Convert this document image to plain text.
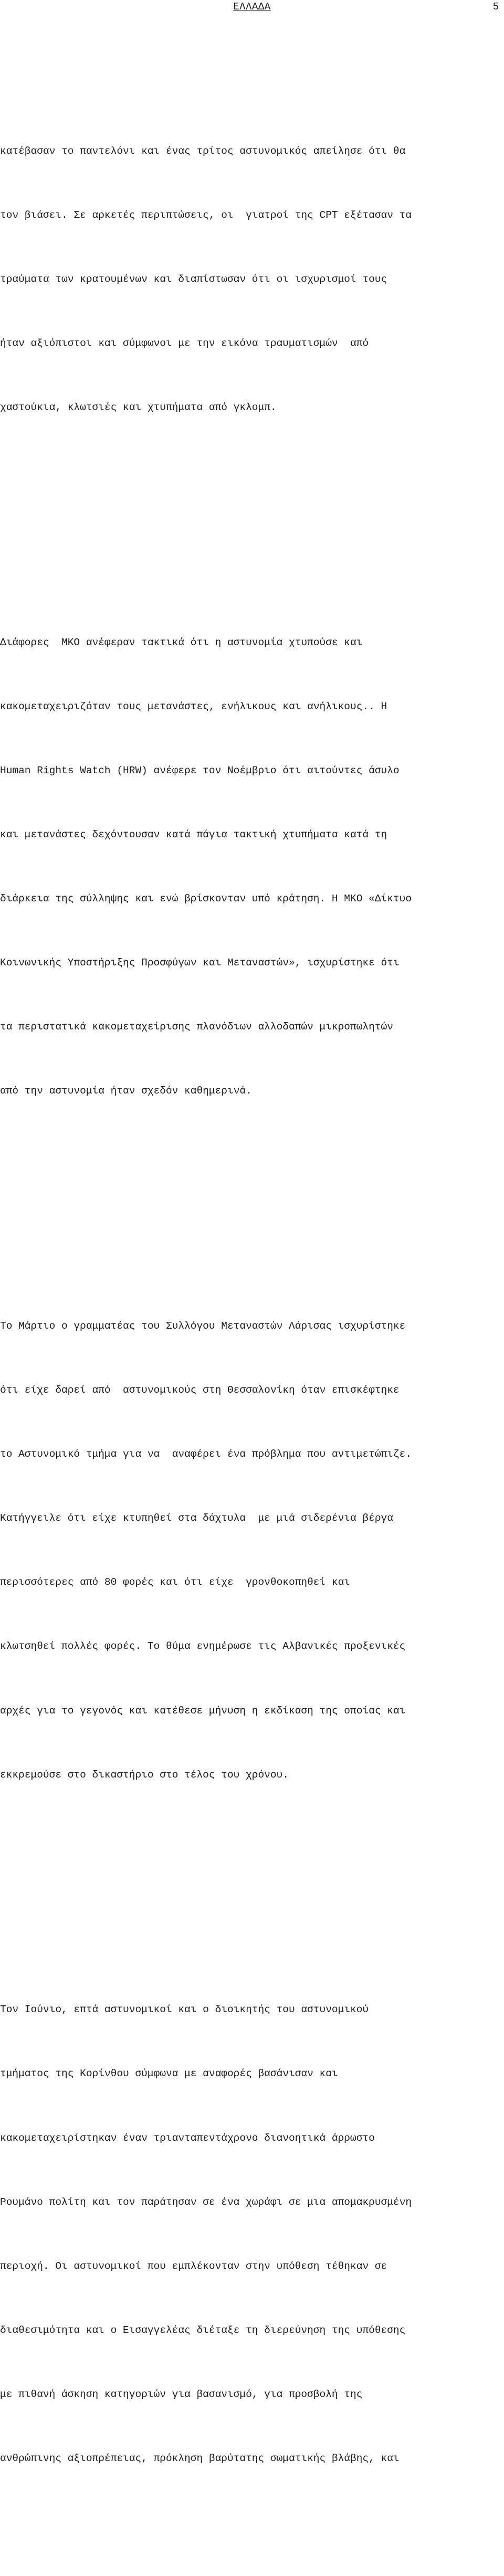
ΕΛΛΑΔΑ	5

κατέβασαν το παντελόνι και ένας τρίτος αστυνομικός απείλησε ότι θα

τον βιάσει. Σε αρκετές περιπτώσεις, οι  γιατροί της CPT εξέτασαν τα

τραύματα των κρατουμένων και διαπίστωσαν ότι οι ισχυρισμοί τους

ήταν αξιόπιστοι και σύμφωνοι με την εικόνα τραυματισμών  από

χαστούκια, κλωτσιές και χτυπήματα από γκλομπ.

Διάφορες  ΜΚΟ ανέφεραν τακτικά ότι η αστυνομία χτυπούσε και

κακομεταχειριζόταν τους μετανάστες, ενήλικους και ανήλικους.. Η

Human Rights Watch (HRW) ανέφερε τον Νοέμβριο ότι αιτούντες άσυλο

και μετανάστες δεχόντουσαν κατά πάγια τακτική χτυπήματα κατά τη

διάρκεια της σύλληψης και ενώ βρίσκονταν υπό κράτηση. Η ΜΚΟ «Δίκτυο

Κοινωνικής Υποστήριξης Προσφύγων και Μεταναστών», ισχυρίστηκε ότι

τα περιστατικά κακομεταχείρισης πλανόδιων αλλοδαπών μικροπωλητών

από την αστυνομία ήταν σχεδόν καθημερινά.

Το Μάρτιο ο γραμματέας του Συλλόγου Μεταναστών Λάρισας ισχυρίστηκε

ότι είχε δαρεί από  αστυνομικούς στη Θεσσαλονίκη όταν επισκέφτηκε

το Αστυνομικό τμήμα για να  αναφέρει ένα πρόβλημα που αντιμετώπιζε.

Κατήγγειλε ότι είχε κτυπηθεί στα δάχτυλα  με μιά σιδερένια βέργα

περισσότερες από 80 φορές και ότι είχε  γρονθοκοπηθεί και

κλωτσηθεί πολλές φορές. Το θύμα ενημέρωσε τις Αλβανικές προξενικές

αρχές για το γεγονός και κατέθεσε μήνυση η εκδίκαση της οποίας και

εκκρεμούσε στο δικαστήριο στο τέλος του χρόνου.

Τον Ιούνιο, επτά αστυνομικοί και ο διοικητής του αστυνομικού

τμήματος της Κορίνθου σύμφωνα με αναφορές βασάνισαν και

κακομεταχειρίστηκαν έναν τριανταπεντάχρονο διανοητικά άρρωστο

Ρουμάνο πολίτη και τον παράτησαν σε ένα χωράφι σε μια απομακρυσμένη

περιοχή. Οι αστυνομικοί που εμπλέκονταν στην υπόθεση τέθηκαν σε

διαθεσιμότητα και ο Εισαγγελέας διέταξε τη διερεύνηση της υπόθεσης

με πιθανή άσκηση κατηγοριών για βασανισμό, για προσβολή της

ανθρώπινης αξιοπρέπειας, πρόκληση βαρύτατης σωματικής βλάβης, και
